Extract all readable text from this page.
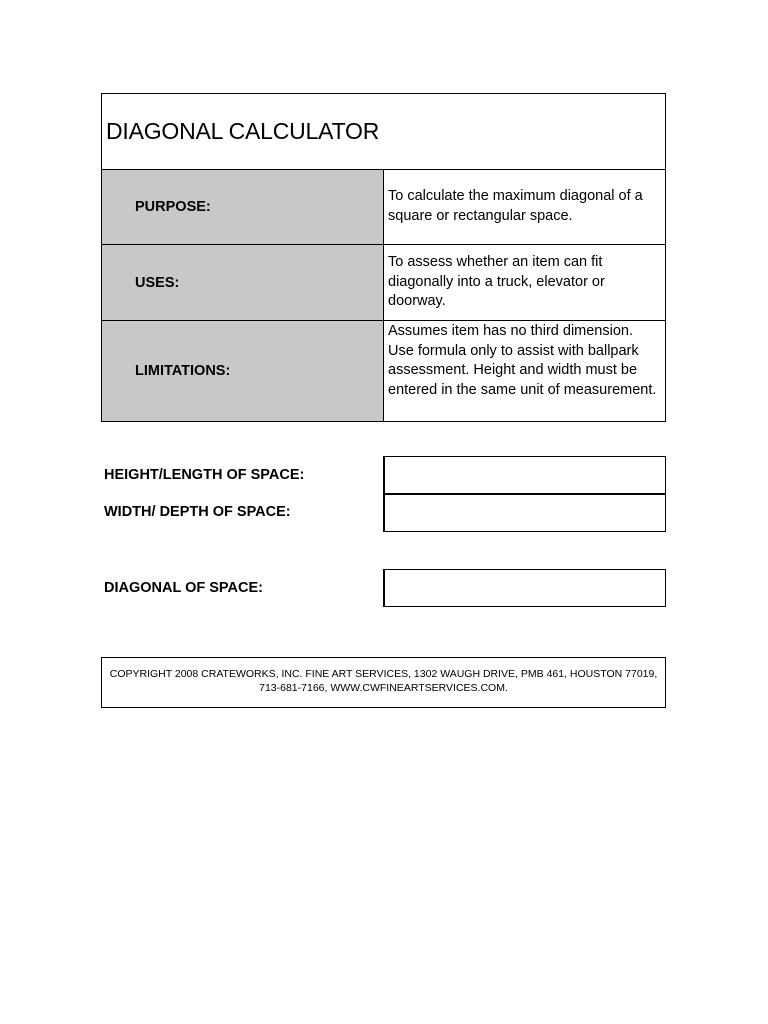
DIAGONAL CALCULATOR
PURPOSE:
To calculate the maximum diagonal of a square or rectangular space.
USES:
To assess whether an item can fit diagonally into a truck, elevator or doorway.
LIMITATIONS:
Assumes item has no third dimension. Use formula only to assist with ballpark assessment. Height and width must be entered in the same unit of measurement.
HEIGHT/LENGTH OF SPACE:
WIDTH/ DEPTH OF SPACE:
DIAGONAL OF SPACE:
COPYRIGHT 2008 CRATEWORKS, INC. FINE ART SERVICES, 1302 WAUGH DRIVE, PMB 461, HOUSTON 77019, 713-681-7166, WWW.CWFINEARTSERVICES.COM.
